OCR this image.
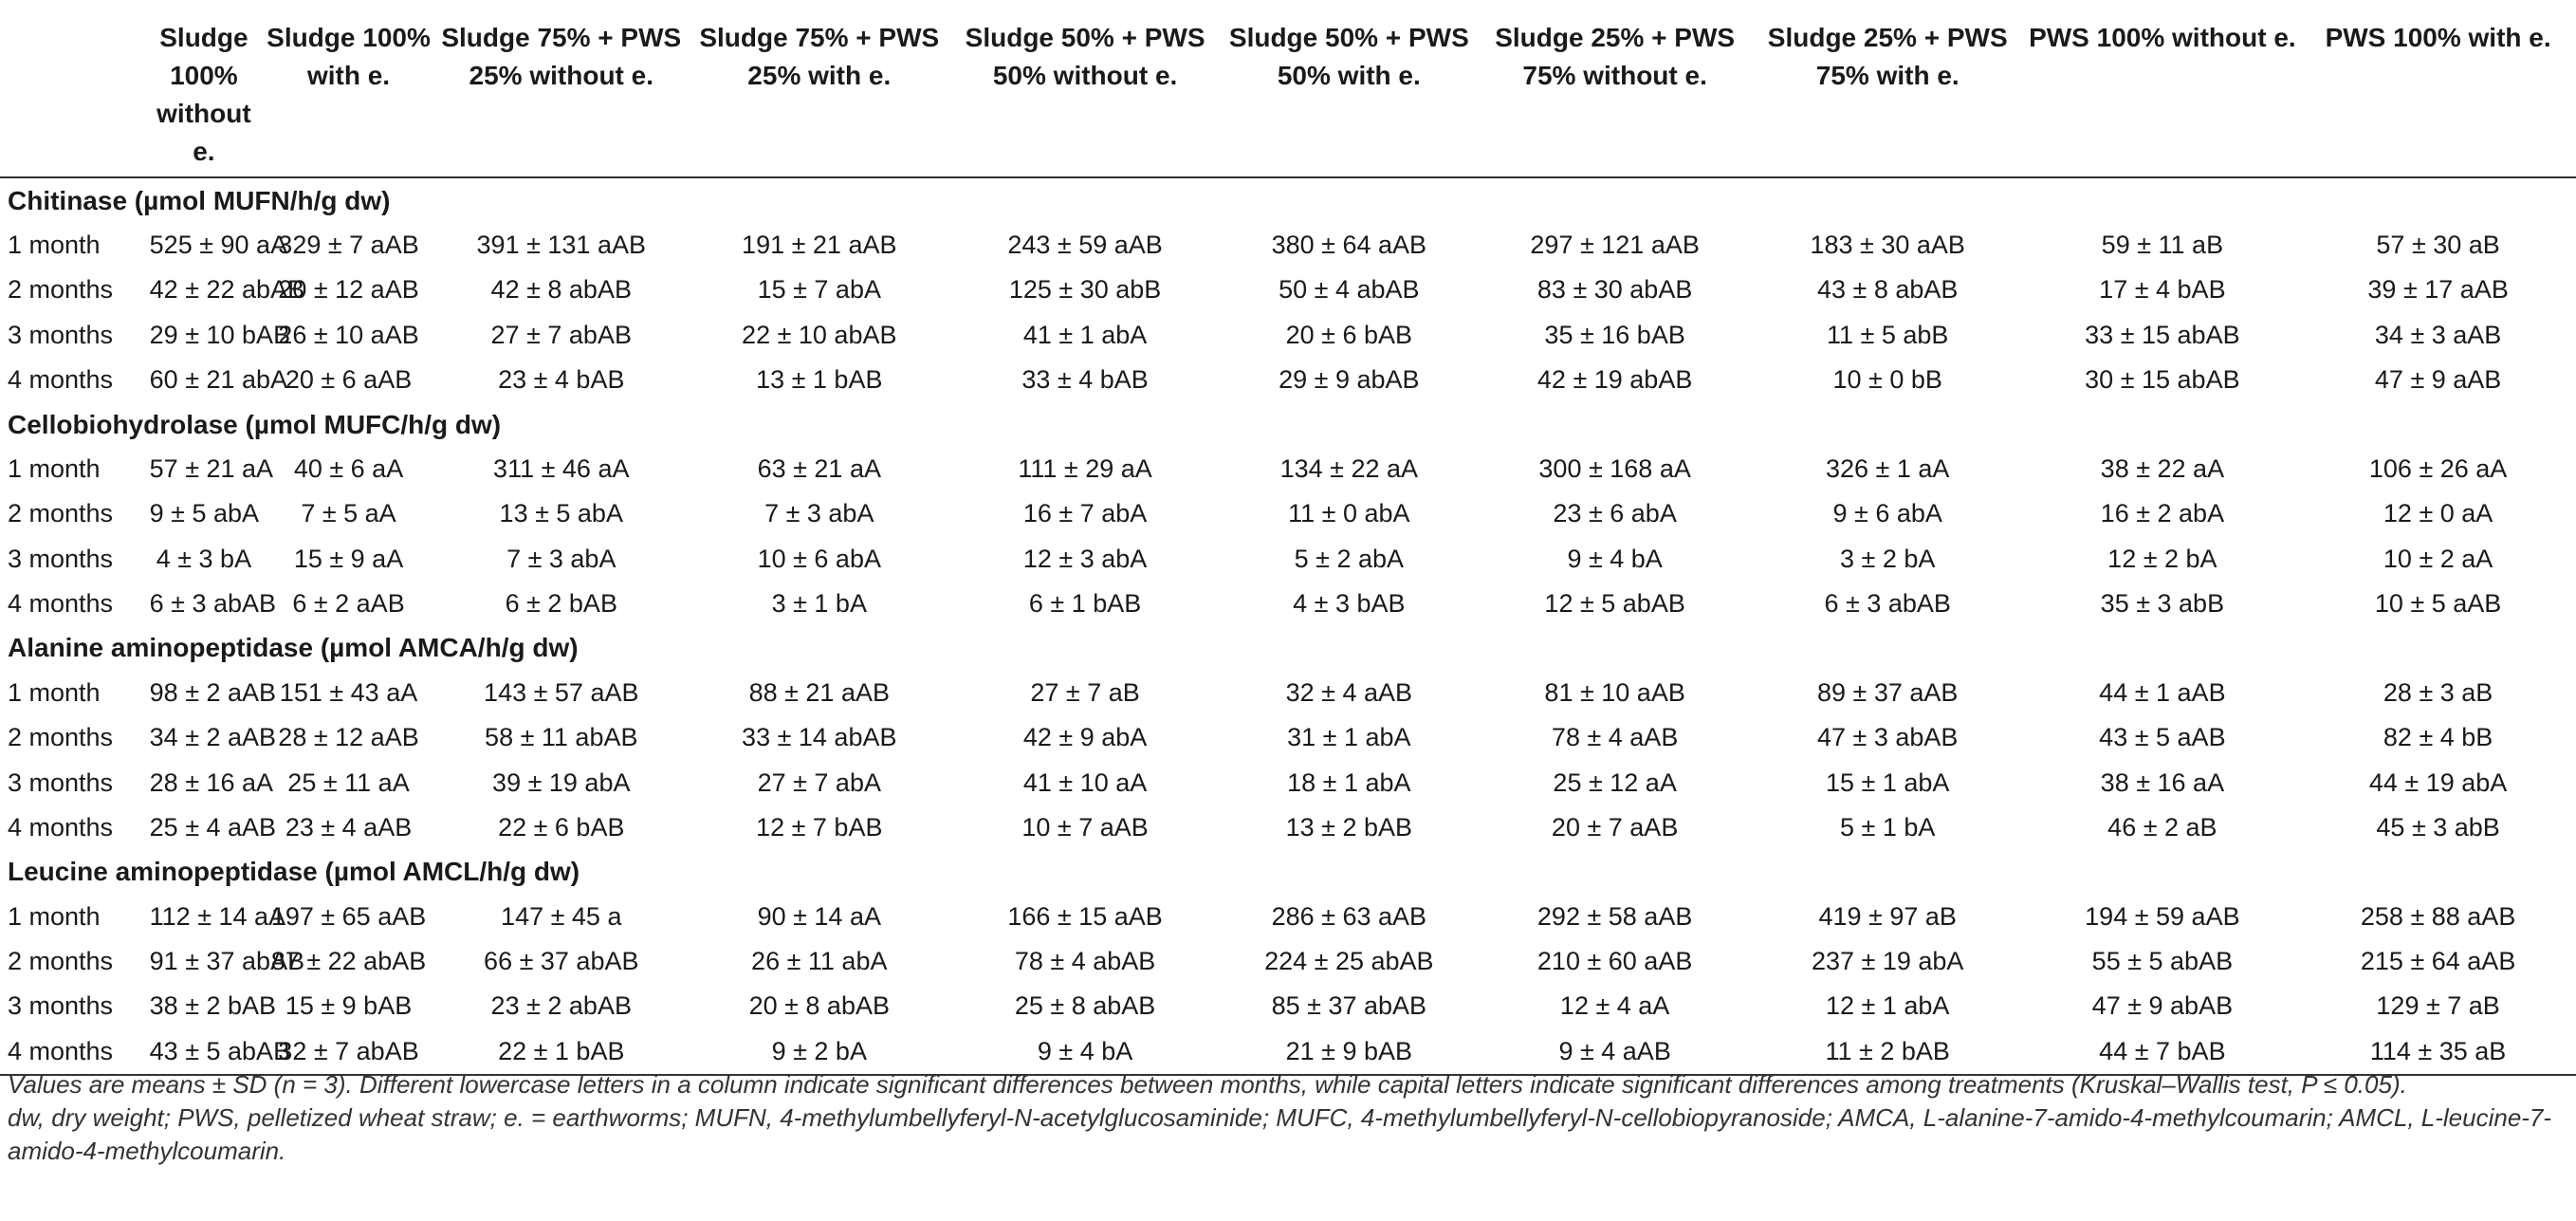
	Sludge 100% without e.	Sludge 100% with e.	Sludge 75% + PWS 25% without e.	Sludge 75% + PWS 25% with e.	Sludge 50% + PWS 50% without e.	Sludge 50% + PWS 50% with e.	Sludge 25% + PWS 75% without e.	Sludge 25% + PWS 75% with e.	PWS 100% without e.	PWS 100% with e.
Chitinase (µmol MUFN/h/g dw)										
1 month	525 ± 90 aA	329 ± 7 aAB	391 ± 131 aAB	191 ± 21 aAB	243 ± 59 aAB	380 ± 64 aAB	297 ± 121 aAB	183 ± 30 aAB	59 ± 11 aB	57 ± 30 aB
2 months	42 ± 22 abAB	20 ± 12 aAB	42 ± 8 abAB	15 ± 7 abA	125 ± 30 abB	50 ± 4 abAB	83 ± 30 abAB	43 ± 8 abAB	17 ± 4 bAB	39 ± 17 aAB
3 months	29 ± 10 bAB	26 ± 10 aAB	27 ± 7 abAB	22 ± 10 abAB	41 ± 1 abA	20 ± 6 bAB	35 ± 16 bAB	11 ± 5 abB	33 ± 15 abAB	34 ± 3 aAB
4 months	60 ± 21 abA	20 ± 6 aAB	23 ± 4 bAB	13 ± 1 bAB	33 ± 4 bAB	29 ± 9 abAB	42 ± 19 abAB	10 ± 0 bB	30 ± 15 abAB	47 ± 9 aAB
Cellobiohydrolase (µmol MUFC/h/g dw)										
1 month	57 ± 21 aA	40 ± 6 aA	311 ± 46 aA	63 ± 21 aA	111 ± 29 aA	134 ± 22 aA	300 ± 168 aA	326 ± 1 aA	38 ± 22 aA	106 ± 26 aA
2 months	9 ± 5 abA	7 ± 5 aA	13 ± 5 abA	7 ± 3 abA	16 ± 7 abA	11 ± 0 abA	23 ± 6 abA	9 ± 6 abA	16 ± 2 abA	12 ± 0 aA
3 months	4 ± 3 bA	15 ± 9 aA	7 ± 3 abA	10 ± 6 abA	12 ± 3 abA	5 ± 2 abA	9 ± 4 bA	3 ± 2 bA	12 ± 2 bA	10 ± 2 aA
4 months	6 ± 3 abAB	6 ± 2 aAB	6 ± 2 bAB	3 ± 1 bA	6 ± 1 bAB	4 ± 3 bAB	12 ± 5 abAB	6 ± 3 abAB	35 ± 3 abB	10 ± 5 aAB
Alanine aminopeptidase (µmol AMCA/h/g dw)										
1 month	98 ± 2 aAB	151 ± 43 aA	143 ± 57 aAB	88 ± 21 aAB	27 ± 7 aB	32 ± 4 aAB	81 ± 10 aAB	89 ± 37 aAB	44 ± 1 aAB	28 ± 3 aB
2 months	34 ± 2 aAB	28 ± 12 aAB	58 ± 11 abAB	33 ± 14 abAB	42 ± 9 abA	31 ± 1 abA	78 ± 4 aAB	47 ± 3 abAB	43 ± 5 aAB	82 ± 4 bB
3 months	28 ± 16 aA	25 ± 11 aA	39 ± 19 abA	27 ± 7 abA	41 ± 10 aA	18 ± 1 abA	25 ± 12 aA	15 ± 1 abA	38 ± 16 aA	44 ± 19 abA
4 months	25 ± 4 aAB	23 ± 4 aAB	22 ± 6 bAB	12 ± 7 bAB	10 ± 7 aAB	13 ± 2 bAB	20 ± 7 aAB	5 ± 1 bA	46 ± 2 aB	45 ± 3 abB
Leucine aminopeptidase (µmol AMCL/h/g dw)										
1 month	112 ± 14 aA	197 ± 65 aAB	147 ± 45 a	90 ± 14 aA	166 ± 15 aAB	286 ± 63 aAB	292 ± 58 aAB	419 ± 97 aB	194 ± 59 aAB	258 ± 88 aAB
2 months	91 ± 37 abAB	87 ± 22 abAB	66 ± 37 abAB	26 ± 11 abA	78 ± 4 abAB	224 ± 25 abAB	210 ± 60 aAB	237 ± 19 abA	55 ± 5 abAB	215 ± 64 aAB
3 months	38 ± 2 bAB	15 ± 9 bAB	23 ± 2 abAB	20 ± 8 abAB	25 ± 8 abAB	85 ± 37 abAB	12 ± 4 aA	12 ± 1 abA	47 ± 9 abAB	129 ± 7 aB
4 months	43 ± 5 abAB	32 ± 7 abAB	22 ± 1 bAB	9 ± 2 bA	9 ± 4 bA	21 ± 9 bAB	9 ± 4 aAB	11 ± 2 bAB	44 ± 7 bAB	114 ± 35 aB

Values are means ± SD (n = 3). Different lowercase letters in a column indicate significant differences between months, while capital letters indicate significant differences among treatments (Kruskal–Wallis test, P ≤ 0.05).

dw, dry weight; PWS, pelletized wheat straw; e. = earthworms; MUFN, 4-methylumbellyferyl-N-acetylglucosaminide; MUFC, 4-methylumbellyferyl-N-cellobiopyranoside; AMCA, L-alanine-7-amido-4-methylcoumarin; AMCL, L-leucine-7-amido-4-methylcoumarin.
